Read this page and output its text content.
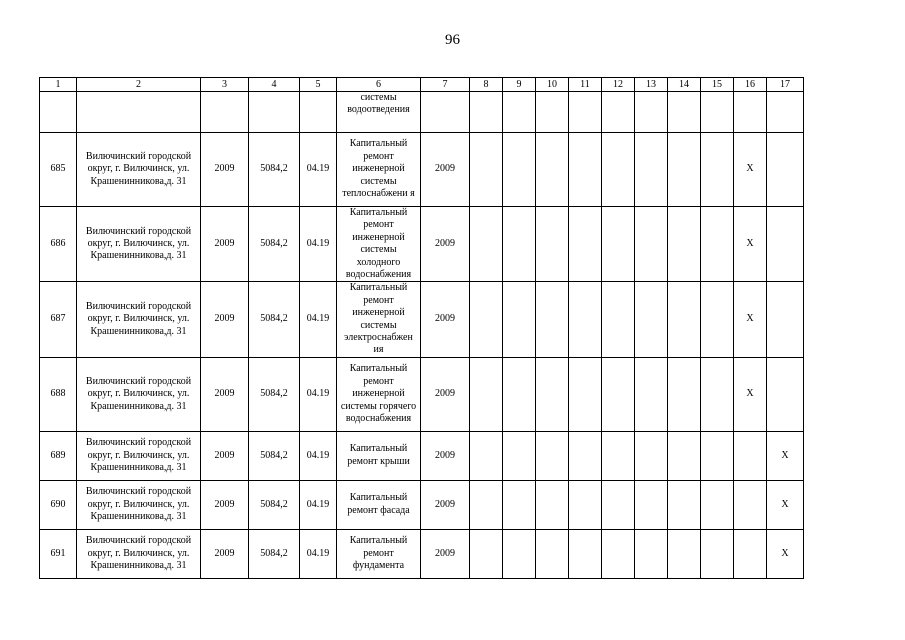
96
1	2	3	4	5	6	7	8	9	10	11	12	13	14	15	16	17
					системы водоотведения											
685	Вилючинский городской округ, г. Вилючинск, ул. Крашенинникова,д. 31	2009	5084,2	04.19	Капитальный ремонт инженерной системы теплоснабжени я	2009									Х	
686	Вилючинский городской округ, г. Вилючинск, ул. Крашенинникова,д. 31	2009	5084,2	04.19	Капитальный ремонт инженерной системы холодного водоснабжения	2009									Х	
687	Вилючинский городской округ, г. Вилючинск, ул. Крашенинникова,д. 31	2009	5084,2	04.19	Капитальный ремонт инженерной системы электроснабжен ия	2009									Х	
688	Вилючинский городской округ, г. Вилючинск, ул. Крашенинникова,д. 31	2009	5084,2	04.19	Капитальный ремонт инженерной системы горячего водоснабжения	2009									Х	
689	Вилючинский городской округ, г. Вилючинск, ул. Крашенинникова,д. 31	2009	5084,2	04.19	Капитальный ремонт крыши	2009										Х
690	Вилючинский городской округ, г. Вилючинск, ул. Крашенинникова,д. 31	2009	5084,2	04.19	Капитальный ремонт фасада	2009										Х
691	Вилючинский городской округ, г. Вилючинск, ул. Крашенинникова,д. 31	2009	5084,2	04.19	Капитальный ремонт фундамента	2009										Х
